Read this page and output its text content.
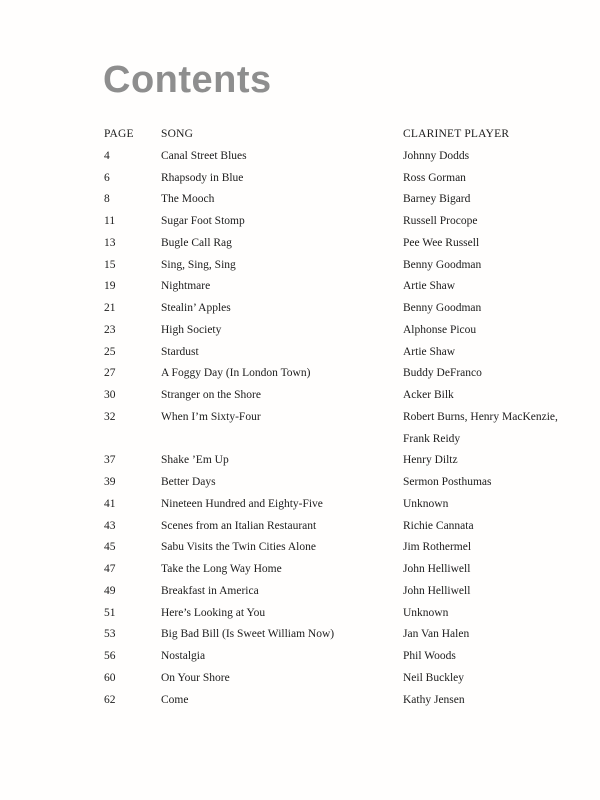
Contents
PAGE	SONG	CLARINET PLAYER
4	Canal Street Blues	Johnny Dodds
6	Rhapsody in Blue	Ross Gorman
8	The Mooch	Barney Bigard
11	Sugar Foot Stomp	Russell Procope
13	Bugle Call Rag	Pee Wee Russell
15	Sing, Sing, Sing	Benny Goodman
19	Nightmare	Artie Shaw
21	Stealin’ Apples	Benny Goodman
23	High Society	Alphonse Picou
25	Stardust	Artie Shaw
27	A Foggy Day (In London Town)	Buddy DeFranco
30	Stranger on the Shore	Acker Bilk
32	When I’m Sixty-Four	Robert Burns, Henry MacKenzie, Frank Reidy
37	Shake ’Em Up	Henry Diltz
39	Better Days	Sermon Posthumas
41	Nineteen Hundred and Eighty-Five	Unknown
43	Scenes from an Italian Restaurant	Richie Cannata
45	Sabu Visits the Twin Cities Alone	Jim Rothermel
47	Take the Long Way Home	John Helliwell
49	Breakfast in America	John Helliwell
51	Here’s Looking at You	Unknown
53	Big Bad Bill (Is Sweet William Now)	Jan Van Halen
56	Nostalgia	Phil Woods
60	On Your Shore	Neil Buckley
62	Come	Kathy Jensen
